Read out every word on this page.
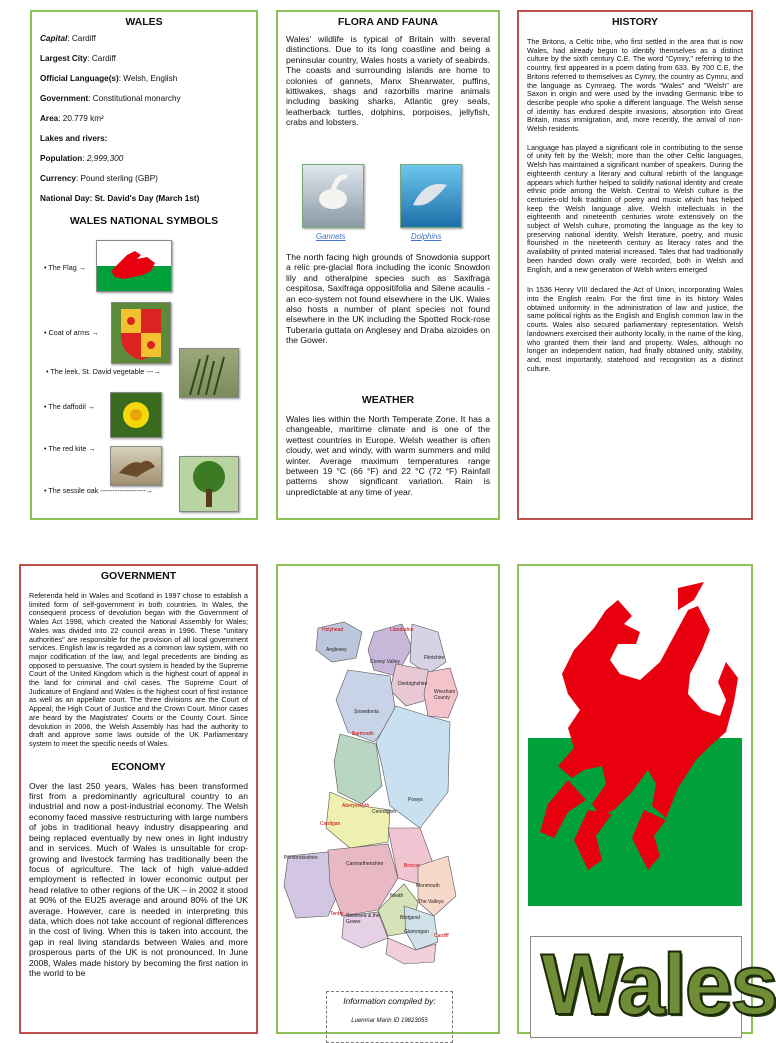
WALES
Capital: Cardiff
Largest City: Cardiff
Official Language(s): Welsh, English
Government: Constitutional monarchy
Area: 20.779 km²
Lakes and rivers:
Population: 2,999,300
Currency: Pound sterling (GBP)
National Day: St. David's Day (March 1st)
WALES NATIONAL SYMBOLS
• The Flag →
• Coat of arms →
• The leek, St. David vegetable ---→
• The daffodil →
• The red kite →
• The sessile oak -------------------→
FLORA AND FAUNA

Wales' wildlife is typical of Britain with several distinctions. Due to its long coastline and being a peninsular country, Wales hosts a variety of seabirds. The coasts and surrounding islands are home to colonies of gannets, Manx Shearwater, puffins, kittiwakes, shags and razorbills marine animals including basking sharks, Atlantic grey seals, leatherback turtles, dolphins, porpoises, jellyfish, crabs and lobsters.

Gannets	Dolphins

The north facing high grounds of Snowdonia support a relic pre-glacial flora including the iconic Snowdon lily and otheralpine species such as Saxifraga cespitosa, Saxifraga oppositifolia and Silene acaulis - an eco-system not found elsewhere in the UK. Wales also hosts a number of plant species not found elsewhere in the UK including the Spotted Rock-rose Tuberaria guttata on Anglesey and Draba aizoides on the Gower.

WEATHER

Wales lies within the North Temperate Zone. It has a changeable, maritime climate and is one of the wettest countries in Europe. Welsh weather is often cloudy, wet and windy, with warm summers and mild winter. Average maximum temperatures range between 19 °C (66 °F) and 22 °C (72 °F) Rainfall patterns show significant variation. Rain is unpredictable at any time of year.

HISTORY

The Britons, a Celtic tribe, who first settled in the area that is now Wales, had already begun to identify themselves as a distinct culture by the sixth century C.E. The word "Cymry," referring to the country, first appeared in a poem dating from 633. By 700 C.E, the Britons referred to themselves as Cymry, the country as Cymru, and the language as Cymraeg. The words "Wales" and "Welsh" are Saxon in origin and were used by the invading Germanic tribe to describe people who spoke a different language. The Welsh sense of identity has endured despite invasions, absorption into Great Britain, mass immigration, and, more recently, the arrival of non-Welsh residents.

Language has played a significant role in contributing to the sense of unity felt by the Welsh; more than the other Celtic languages, Welsh has maintained a significant number of speakers. During the eighteenth century a literary and cultural rebirth of the language appears which further helped to solidify national identity and create ethnic pride among the Welsh. Central to Welsh culture is the centuries-old folk tradition of poetry and music which has helped keep the Welsh language alive. Welsh intellectuals in the eighteenth and nineteenth centuries wrote extensively on the subject of Welsh culture, promoting the language as the key to preserving national identity. Welsh literature, poetry, and music flourished in the nineteenth century as literacy rates and the availability of printed material increased. Tales that had traditionally been handed down orally were recorded, both in Welsh and English, and a new generation of Welsh writers emerged

In 1536 Henry VIII declared the Act of Union, incorporating Wales into the English realm. For the first time in its history Wales obtained uniformity in the administration of law and justice, the same political rights as the English and English common law in the courts. Wales also secured parliamentary representation. Welsh landowners exercised their authority locally, in the name of the king, who granted them their land and property. Wales, although no longer an independent nation, had finally obtained unity, stability, and, most importantly, statehood and recognition as a distinct culture.

GOVERNMENT

Referenda held in Wales and Scotland in 1997 chose to establish a limited form of self-government in both countries. In Wales, the consequent process of devolution began with the Government of Wales Act 1998, which created the National Assembly for Wales; Wales was divided into 22 council areas in 1996. These "unitary authorities" are responsible for the provision of all local government services. English law is regarded as a common law system, with no major codification of the law, and legal precedents are binding as opposed to persuasive. The court system is headed by the Supreme Court of the United Kingdom which is the highest court of appeal in the land for criminal and civil cases. The Supreme Court of Judicature of England and Wales is the highest court of first instance as well as an appellate court. The three divisions are the Court of Appeal; the High Court of Justice and the Crown Court. Minor cases are heard by the Magistrates' Courts or the County Court. Since devolution in 2006, the Welsh Assembly has had the authority to draft and approve some laws outside of the UK Parliamentary system to meet the specific needs of Wales.

ECONOMY

Over the last 250 years, Wales has been transformed first from a predominantly agricultural country to an industrial and now a post-industrial economy. The Welsh economy faced massive restructuring with large numbers of jobs in traditional heavy industry disappearing and being replaced eventually by new ones in light industry and in services. Much of Wales is unsuitable for crop-growing and livestock farming has traditionally been the focus of agriculture. The lack of high value-added employment is reflected in lower economic output per head relative to other regions of the UK – in 2002 it stood at 90% of the EU25 average and around 80% of the UK average. However, care is needed in interpreting this data, which does not take account of regional differences in the cost of living. When this is taken into account, the gap in real living standards between Wales and more prosperous parts of the UK is not pronounced. In June 2008, Wales made history by becoming the first nation in the world to be

Holyhead	Llandudno
Anglesey
Conwy Valley
Flintshire
Denbighshire
Wrexham County
Snowdonia
Barmouth
Aberystwyth
Powys
Ceredigion
Cardigan
Pembrokeshire
Carmarthenshire	Brecon
Monmouth
Neath
The Valleys
Tenby Swansea & the Gower
Bridgend
Glamorgan
Cardiff
Information compiled by:
Luenmar Marin ID 19823055 Wales
